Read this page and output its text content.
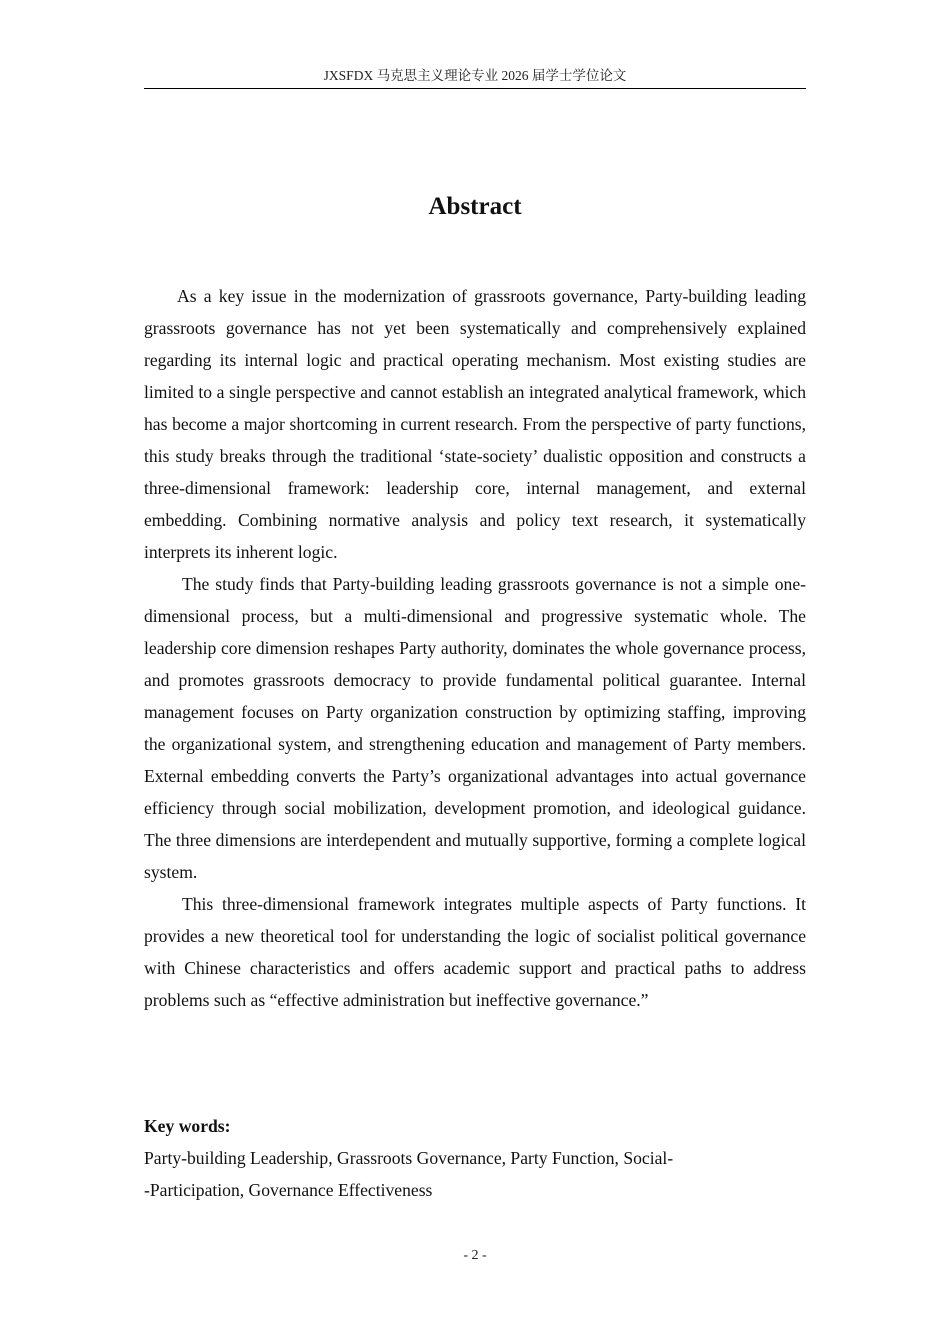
JXSFDX 马克思主义理论专业 2026 届学士学位论文
Abstract

As a key issue in the modernization of grassroots governance, Party-building leading grassroots governance has not yet been systematically and comprehensively explained regarding its internal logic and practical operating mechanism. Most existing studies are limited to a single perspective and cannot establish an integrated analytical framework, which has become a major shortcoming in current research. From the perspective of party functions, this study breaks through the traditional ‘state-society’ dualistic opposition and constructs a three-dimensional framework: leadership core, internal management, and external embedding. Combining normative analysis and policy text research, it systematically interprets its inherent logic.

The study finds that Party-building leading grassroots governance is not a simple one-dimensional process, but a multi-dimensional and progressive systematic whole. The leadership core dimension reshapes Party authority, dominates the whole governance process, and promotes grassroots democracy to provide fundamental political guarantee. Internal management focuses on Party organization construction by optimizing staffing, improving the organizational system, and strengthening education and management of Party members. External embedding converts the Party’s organizational advantages into actual governance efficiency through social mobilization, development promotion, and ideological guidance. The three dimensions are interdependent and mutually supportive, forming a complete logical system.

This three-dimensional framework integrates multiple aspects of Party functions. It provides a new theoretical tool for understanding the logic of socialist political governance with Chinese characteristics and offers academic support and practical paths to address problems such as “effective administration but ineffective governance.”

Key words:
Party-building Leadership, Grassroots Governance, Party Function, Social-
-Participation, Governance Effectiveness
- 2 -
